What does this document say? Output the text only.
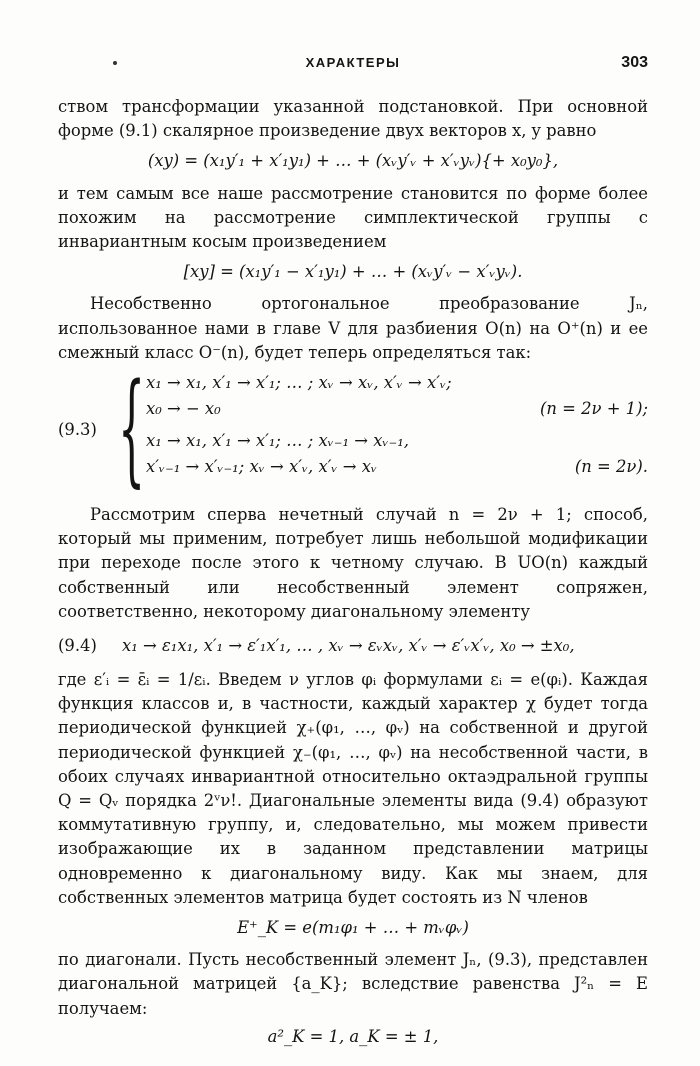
ХАРАКТЕРЫ	303

ством трансформации указанной подстановкой. При основной форме (9.1) скалярное произведение двух векторов x, y равно

(xy) = (x₁y′₁ + x′₁y₁) + … + (xᵥy′ᵥ + x′ᵥyᵥ){+ x₀y₀},

и тем самым все наше рассмотрение становится по форме более похожим на рассмотрение симплектической группы с инвариантным косым произведением

[xy] = (x₁y′₁ − x′₁y₁) + … + (xᵥy′ᵥ − x′ᵥyᵥ).

Несобственно ортогональное преобразование Jₙ, использованное нами в главе V для разбиения O(n) на O⁺(n) и ее смежный класс O⁻(n), будет теперь определяться так:

(9.3) { x₁ → x₁, x′₁ → x′₁; … ; xᵥ → xᵥ, x′ᵥ → x′ᵥ;
x₀ → − x₀	(n = 2ν + 1);
x₁ → x₁, x′₁ → x′₁; … ; xᵥ₋₁ → xᵥ₋₁,
x′ᵥ₋₁ → x′ᵥ₋₁; xᵥ → x′ᵥ, x′ᵥ → xᵥ	(n = 2ν).

Рассмотрим сперва нечетный случай n = 2ν + 1; способ, который мы применим, потребует лишь небольшой модификации при переходе после этого к четному случаю. В UO(n) каждый собственный или несобственный элемент сопряжен, соответственно, некоторому диагональному элементу

(9.4) x₁ → ε₁x₁, x′₁ → ε′₁x′₁, … , xᵥ → εᵥxᵥ, x′ᵥ → ε′ᵥx′ᵥ, x₀ → ±x₀,

где ε′ᵢ = ε̄ᵢ = 1/εᵢ. Введем ν углов φᵢ формулами εᵢ = e(φᵢ). Каждая функция классов и, в частности, каждый характер χ будет тогда периодической функцией χ₊(φ₁, …, φᵥ) на собственной и другой периодической функцией χ₋(φ₁, …, φᵥ) на несобственной части, в обоих случаях инвариантной относительно октаэдральной группы Q = Qᵥ порядка 2ᵛν!. Диагональные элементы вида (9.4) образуют коммутативную группу, и, следовательно, мы можем привести изображающие их в заданном представлении матрицы одновременно к диагональному виду. Как мы знаем, для собственных элементов матрица будет состоять из N членов

E⁺_K = e(m₁φ₁ + … + mᵥφᵥ)

по диагонали. Пусть несобственный элемент Jₙ, (9.3), представлен диагональной матрицей {a_K}; вследствие равенства J²ₙ = E получаем:

a²_K = 1, a_K = ± 1,
